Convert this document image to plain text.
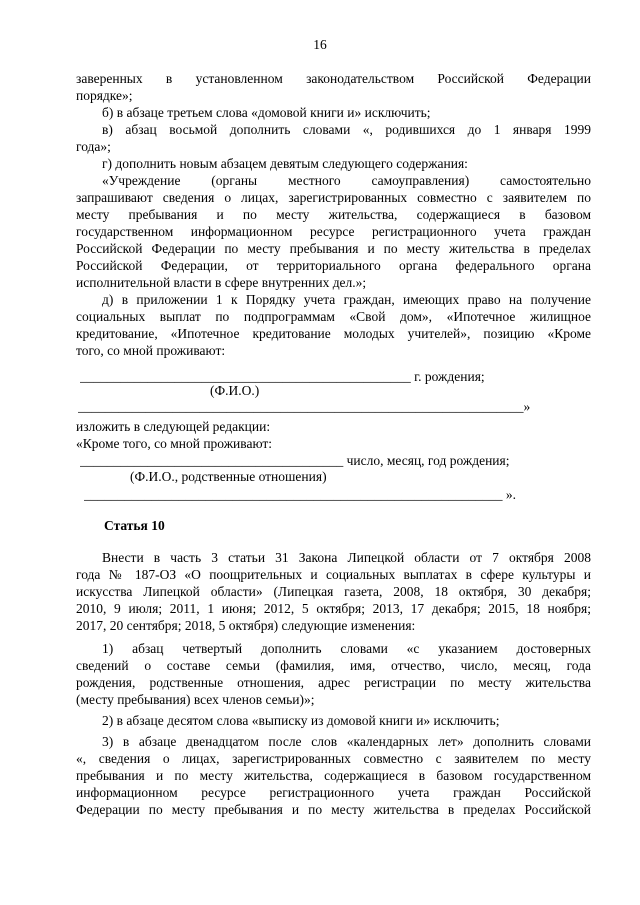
16
заверенных в установленном законодательством Российской Федерации
порядке»;
б) в абзаце третьем слова «домовой книги и» исключить;
в) абзац восьмой дополнить словами «, родившихся до 1 января 1999
года»;
г) дополнить новым абзацем девятым следующего содержания:
«Учреждение (органы местного самоуправления) самостоятельно
запрашивают сведения о лицах, зарегистрированных совместно с заявителем по
месту пребывания и по месту жительства, содержащиеся в базовом
государственном информационном ресурсе регистрационного учета граждан
Российской Федерации по месту пребывания и по месту жительства в пределах
Российской Федерации, от территориального органа федерального органа
исполнительной власти в сфере внутренних дел.»;
д) в приложении 1 к Порядку учета граждан, имеющих право на получение
социальных выплат по подпрограммам «Свой дом», «Ипотечное жилищное
кредитование, «Ипотечное кредитование молодых учителей», позицию «Кроме
того, со мной проживают:
_________________________________________________ г. рождения;
(Ф.И.О.)
__________________________________________________________________»
изложить в следующей редакции:
«Кроме того, со мной проживают:
_______________________________________ число, месяц, год рождения;
(Ф.И.О., родственные отношения)
______________________________________________________________ ».
Статья 10
Внести в часть 3 статьи 31 Закона Липецкой области от 7 октября 2008
года № 187-ОЗ «О поощрительных и социальных выплатах в сфере культуры и
искусства Липецкой области» (Липецкая газета, 2008, 18 октября, 30 декабря;
2010, 9 июля; 2011, 1 июня; 2012, 5 октября; 2013, 17 декабря; 2015, 18 ноября;
2017, 20 сентября; 2018, 5 октября) следующие изменения:
1) абзац четвертый дополнить словами «с указанием достоверных
сведений о составе семьи (фамилия, имя, отчество, число, месяц, года
рождения, родственные отношения, адрес регистрации по месту жительства
(месту пребывания) всех членов семьи)»;
2) в абзаце десятом слова «выписку из домовой книги и» исключить;
3) в абзаце двенадцатом после слов «календарных лет» дополнить словами
«, сведения о лицах, зарегистрированных совместно с заявителем по месту
пребывания и по месту жительства, содержащиеся в базовом государственном
информационном ресурсе регистрационного учета граждан Российской
Федерации по месту пребывания и по месту жительства в пределах Российской
